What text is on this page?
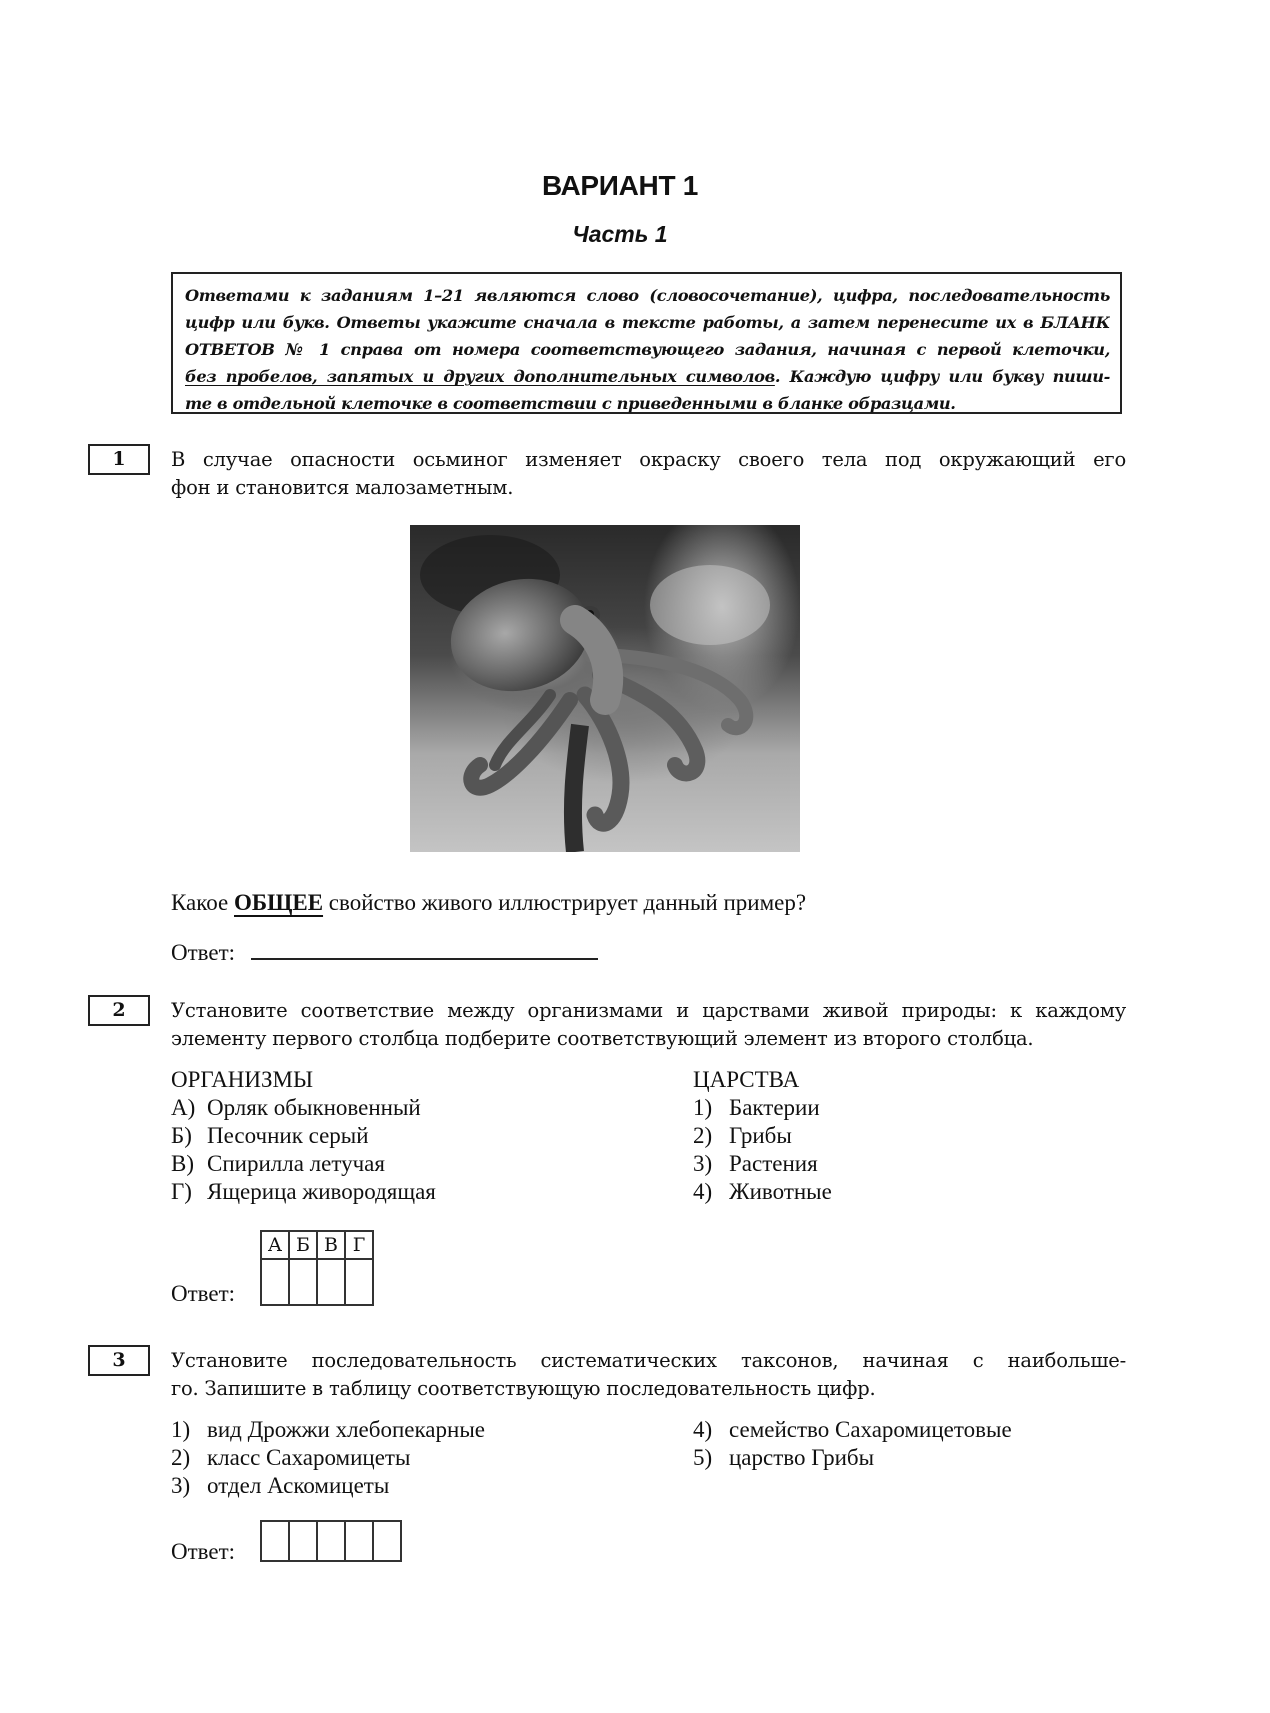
ВАРИАНТ 1
Часть 1
Ответами к заданиям 1–21 являются слово (словосочетание), цифра, последовательность
цифр или букв. Ответы укажите сначала в тексте работы, а затем перенесите их в БЛАНК
ОТВЕТОВ № 1 справа от номера соответствующего задания, начиная с первой клеточки,
без пробелов, запятых и других дополнительных символов. Каждую цифру или букву пиши-
те в отдельной клеточке в соответствии с приведенными в бланке образцами.
1	В случае опасности осьминог изменяет окраску своего тела под окружающий его
фон и становится малозаметным.
Какое ОБЩЕЕ свойство живого иллюстрирует данный пример?
Ответ:
2	Установите соответствие между организмами и царствами живой природы: к каждому
элементу первого столбца подберите соответствующий элемент из второго столбца.
ОРГАНИЗМЫ
А) Орляк обыкновенный
Б) Песочник серый
В) Спирилла летучая
Г) Ящерица живородящая
ЦАРСТВА
1) Бактерии
2) Грибы
3) Растения
4) Животные
Ответ:
А	Б	В	Г

3	Установите последовательность систематических таксонов, начиная с наибольше-
го. Запишите в таблицу соответствующую последовательность цифр.
1) вид Дрожжи хлебопекарные
2) класс Сахаромицеты
3) отдел Аскомицеты
4) семейство Сахаромицетовые
5) царство Грибы
Ответ:
